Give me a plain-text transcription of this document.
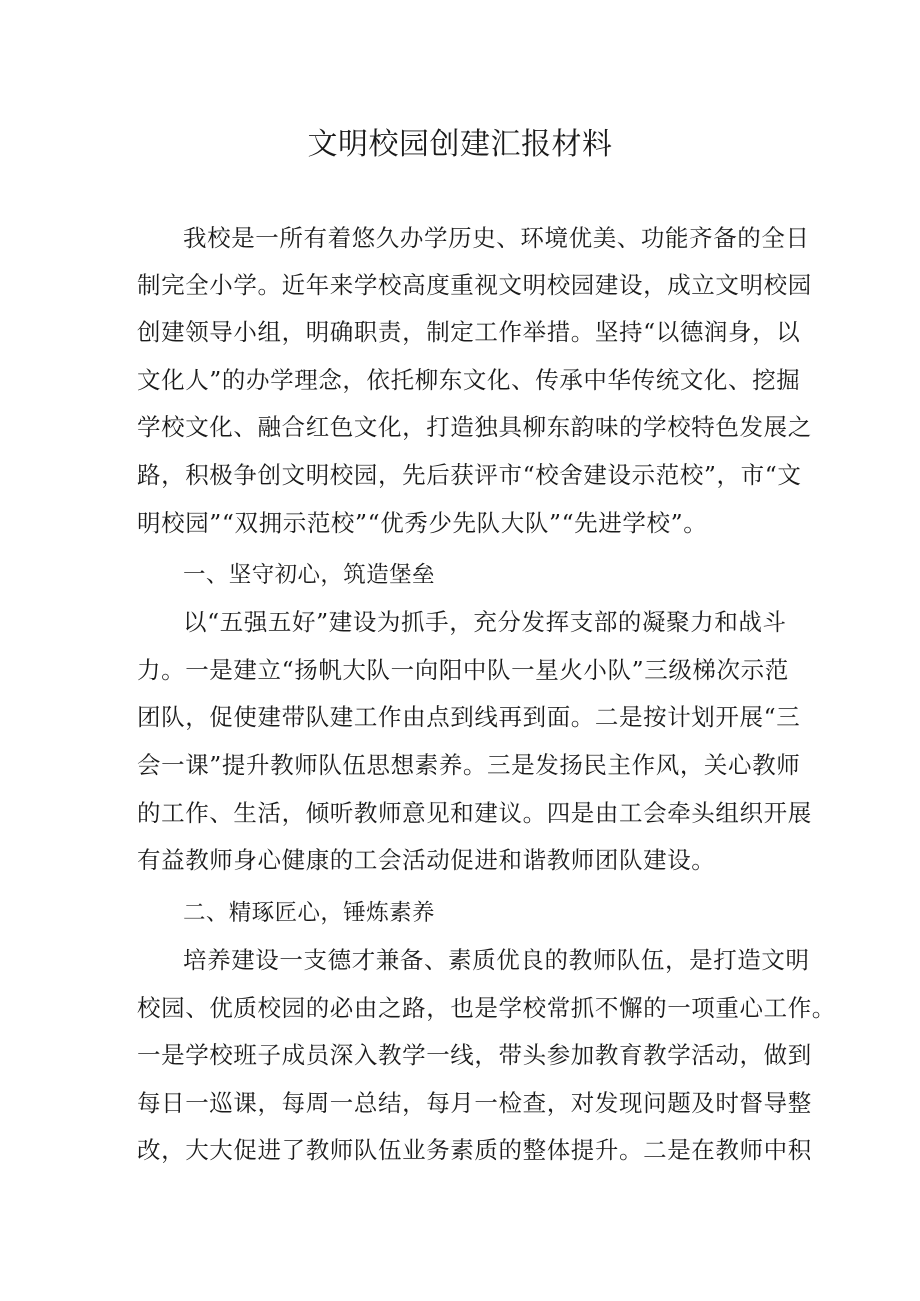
文明校园创建汇报材料
我校是一所有着悠久办学历史、环境优美、功能齐备的全日
制完全小学。近年来学校高度重视文明校园建设，成立文明校园
创建领导小组，明确职责，制定工作举措。坚持“以德润身，以
文化人”的办学理念，依托柳东文化、传承中华传统文化、挖掘
学校文化、融合红色文化，打造独具柳东韵味的学校特色发展之
路，积极争创文明校园，先后获评市“校舍建设示范校”，市“文
明校园”“双拥示范校”“优秀少先队大队”“先进学校”。
一、坚守初心，筑造堡垒
以“五强五好”建设为抓手，充分发挥支部的凝聚力和战斗
力。一是建立“扬帆大队一向阳中队一星火小队”三级梯次示范
团队，促使建带队建工作由点到线再到面。二是按计划开展“三
会一课”提升教师队伍思想素养。三是发扬民主作风，关心教师
的工作、生活，倾听教师意见和建议。四是由工会牵头组织开展
有益教师身心健康的工会活动促进和谐教师团队建设。
二、精琢匠心，锤炼素养
培养建设一支德才兼备、素质优良的教师队伍，是打造文明
校园、优质校园的必由之路，也是学校常抓不懈的一项重心工作。
一是学校班子成员深入教学一线，带头参加教育教学活动，做到
每日一巡课，每周一总结，每月一检查，对发现问题及时督导整
改，大大促进了教师队伍业务素质的整体提升。二是在教师中积
